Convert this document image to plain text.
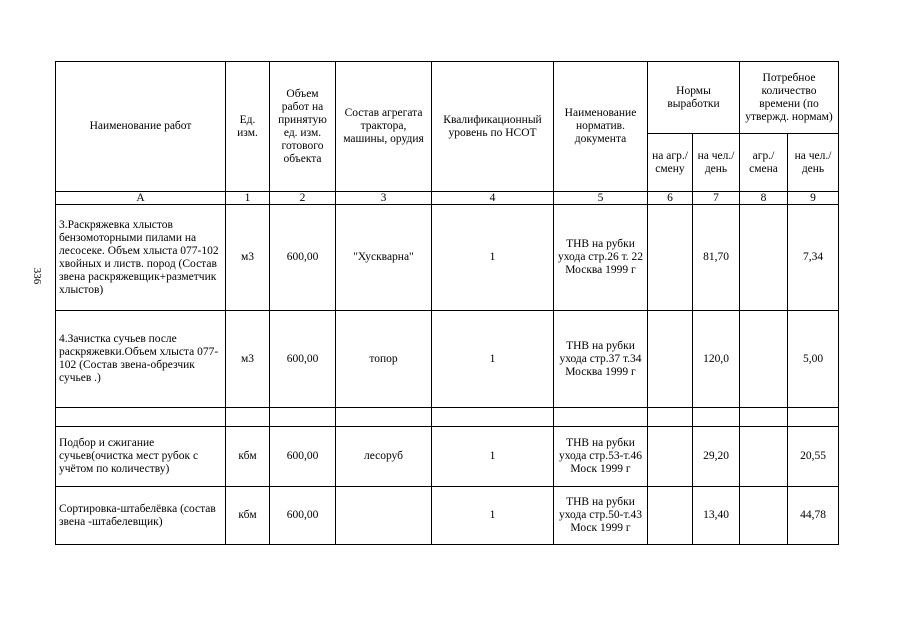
336
Наименование работ	Ед. изм.	Объем работ на принятую ед. изм. готового объекта	Состав агрегата трактора, машины, орудия	Квалификационный уровень по НСОТ	Наименование норматив. документа	Нормы выработки		Потребное количество времени (по утвержд. нормам)	
						на агр./ смену	на чел./ день	агр./ смена	на чел./ день
А	1	2	3	4	5	6	7	8	9
3.Раскряжевка хлыстов бензомоторными пилами на лесосеке. Объем хлыста 077-102 хвойных и листв. пород (Состав звена раскряжевщик+разметчик хлыстов)	м3	600,00	"Хускварна"	1	ТНВ на рубки ухода стр.26 т. 22 Москва 1999 г		81,70		7,34
4.Зачистка сучьев после раскряжевки.Объем хлыста 077-102 (Состав звена-обрезчик сучьев .)	м3	600,00	топор	1	ТНВ на рубки ухода стр.37 т.34 Москва 1999 г		120,0		5,00

Подбор и сжигание сучьев(очистка мест рубок с учётом по количеству)	кбм	600,00	лесоруб	1	ТНВ на рубки ухода стр.53-т.46 Моск 1999 г		29,20		20,55
Сортировка-штабелёвка (состав звена -штабелевщик)	кбм	600,00		1	ТНВ на рубки ухода стр.50-т.43 Моск 1999 г		13,40		44,78
